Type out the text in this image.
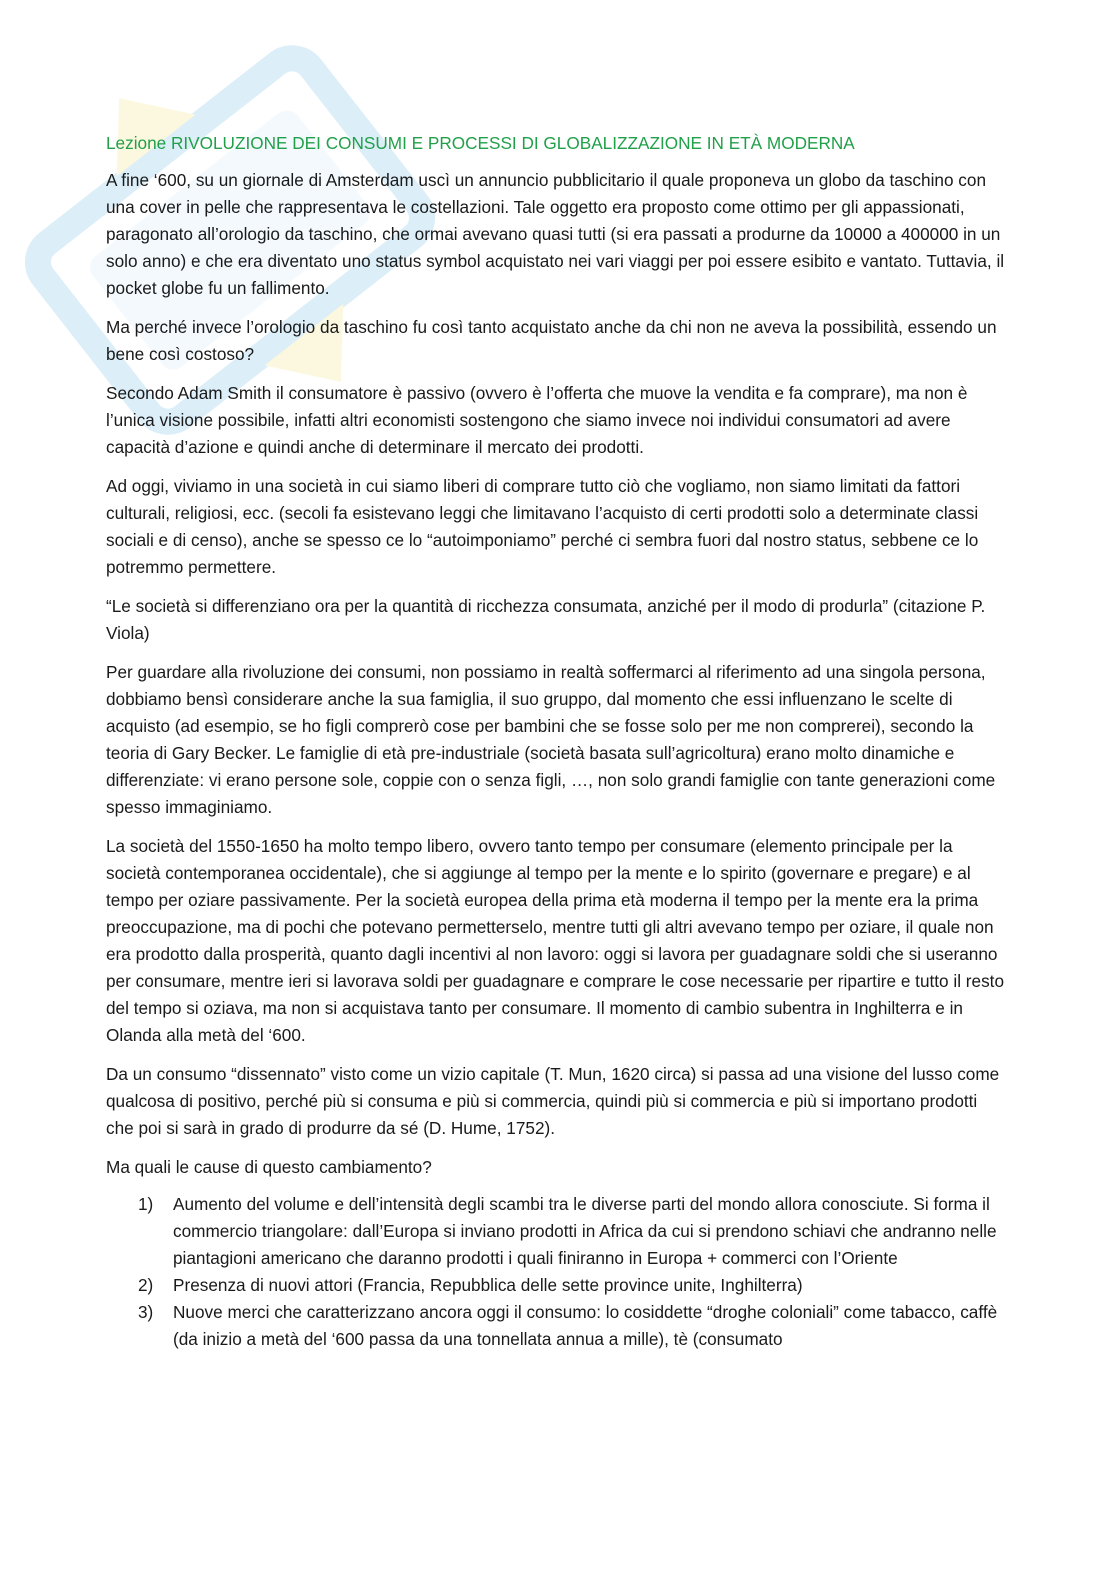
Lezione RIVOLUZIONE DEI CONSUMI E PROCESSI DI GLOBALIZZAZIONE IN ETÀ MODERNA

A fine ‘600, su un giornale di Amsterdam uscì un annuncio pubblicitario il quale proponeva un globo da taschino con una cover in pelle che rappresentava le costellazioni. Tale oggetto era proposto come ottimo per gli appassionati, paragonato all’orologio da taschino, che ormai avevano quasi tutti (si era passati a produrne da 10000 a 400000 in un solo anno) e che era diventato uno status symbol acquistato nei vari viaggi per poi essere esibito e vantato. Tuttavia, il pocket globe fu un fallimento.

Ma perché invece l’orologio da taschino fu così tanto acquistato anche da chi non ne aveva la possibilità, essendo un bene così costoso?

Secondo Adam Smith il consumatore è passivo (ovvero è l’offerta che muove la vendita e fa comprare), ma non è l’unica visione possibile, infatti altri economisti sostengono che siamo invece noi individui consumatori ad avere capacità d’azione e quindi anche di determinare il mercato dei prodotti.

Ad oggi, viviamo in una società in cui siamo liberi di comprare tutto ciò che vogliamo, non siamo limitati da fattori culturali, religiosi, ecc. (secoli fa esistevano leggi che limitavano l’acquisto di certi prodotti solo a determinate classi sociali e di censo), anche se spesso ce lo “autoimponiamo” perché ci sembra fuori dal nostro status, sebbene ce lo potremmo permettere.

“Le società si differenziano ora per la quantità di ricchezza consumata, anziché per il modo di produrla” (citazione P. Viola)

Per guardare alla rivoluzione dei consumi, non possiamo in realtà soffermarci al riferimento ad una singola persona, dobbiamo bensì considerare anche la sua famiglia, il suo gruppo, dal momento che essi influenzano le scelte di acquisto (ad esempio, se ho figli comprerò cose per bambini che se fosse solo per me non comprerei), secondo la teoria di Gary Becker. Le famiglie di età pre-industriale (società basata sull’agricoltura) erano molto dinamiche e differenziate: vi erano persone sole, coppie con o senza figli, …, non solo grandi famiglie con tante generazioni come spesso immaginiamo.

La società del 1550-1650 ha molto tempo libero, ovvero tanto tempo per consumare (elemento principale per la società contemporanea occidentale), che si aggiunge al tempo per la mente e lo spirito (governare e pregare) e al tempo per oziare passivamente. Per la società europea della prima età moderna il tempo per la mente era la prima preoccupazione, ma di pochi che potevano permetterselo, mentre tutti gli altri avevano tempo per oziare, il quale non era prodotto dalla prosperità, quanto dagli incentivi al non lavoro: oggi si lavora per guadagnare soldi che si useranno per consumare, mentre ieri si lavorava soldi per guadagnare e comprare le cose necessarie per ripartire e tutto il resto del tempo si oziava, ma non si acquistava tanto per consumare. Il momento di cambio subentra in Inghilterra e in Olanda alla metà del ‘600.

Da un consumo “dissennato” visto come un vizio capitale (T. Mun, 1620 circa) si passa ad una visione del lusso come qualcosa di positivo, perché più si consuma e più si commercia, quindi più si commercia e più si importano prodotti che poi si sarà in grado di produrre da sé (D. Hume, 1752).

Ma quali le cause di questo cambiamento?

1) Aumento del volume e dell’intensità degli scambi tra le diverse parti del mondo allora conosciute. Si forma il commercio triangolare: dall’Europa si inviano prodotti in Africa da cui si prendono schiavi che andranno nelle piantagioni americano che daranno prodotti i quali finiranno in Europa + commerci con l’Oriente
2) Presenza di nuovi attori (Francia, Repubblica delle sette province unite, Inghilterra)
3) Nuove merci che caratterizzano ancora oggi il consumo: lo cosiddette “droghe coloniali” come tabacco, caffè (da inizio a metà del ‘600 passa da una tonnellata annua a mille), tè (consumato
